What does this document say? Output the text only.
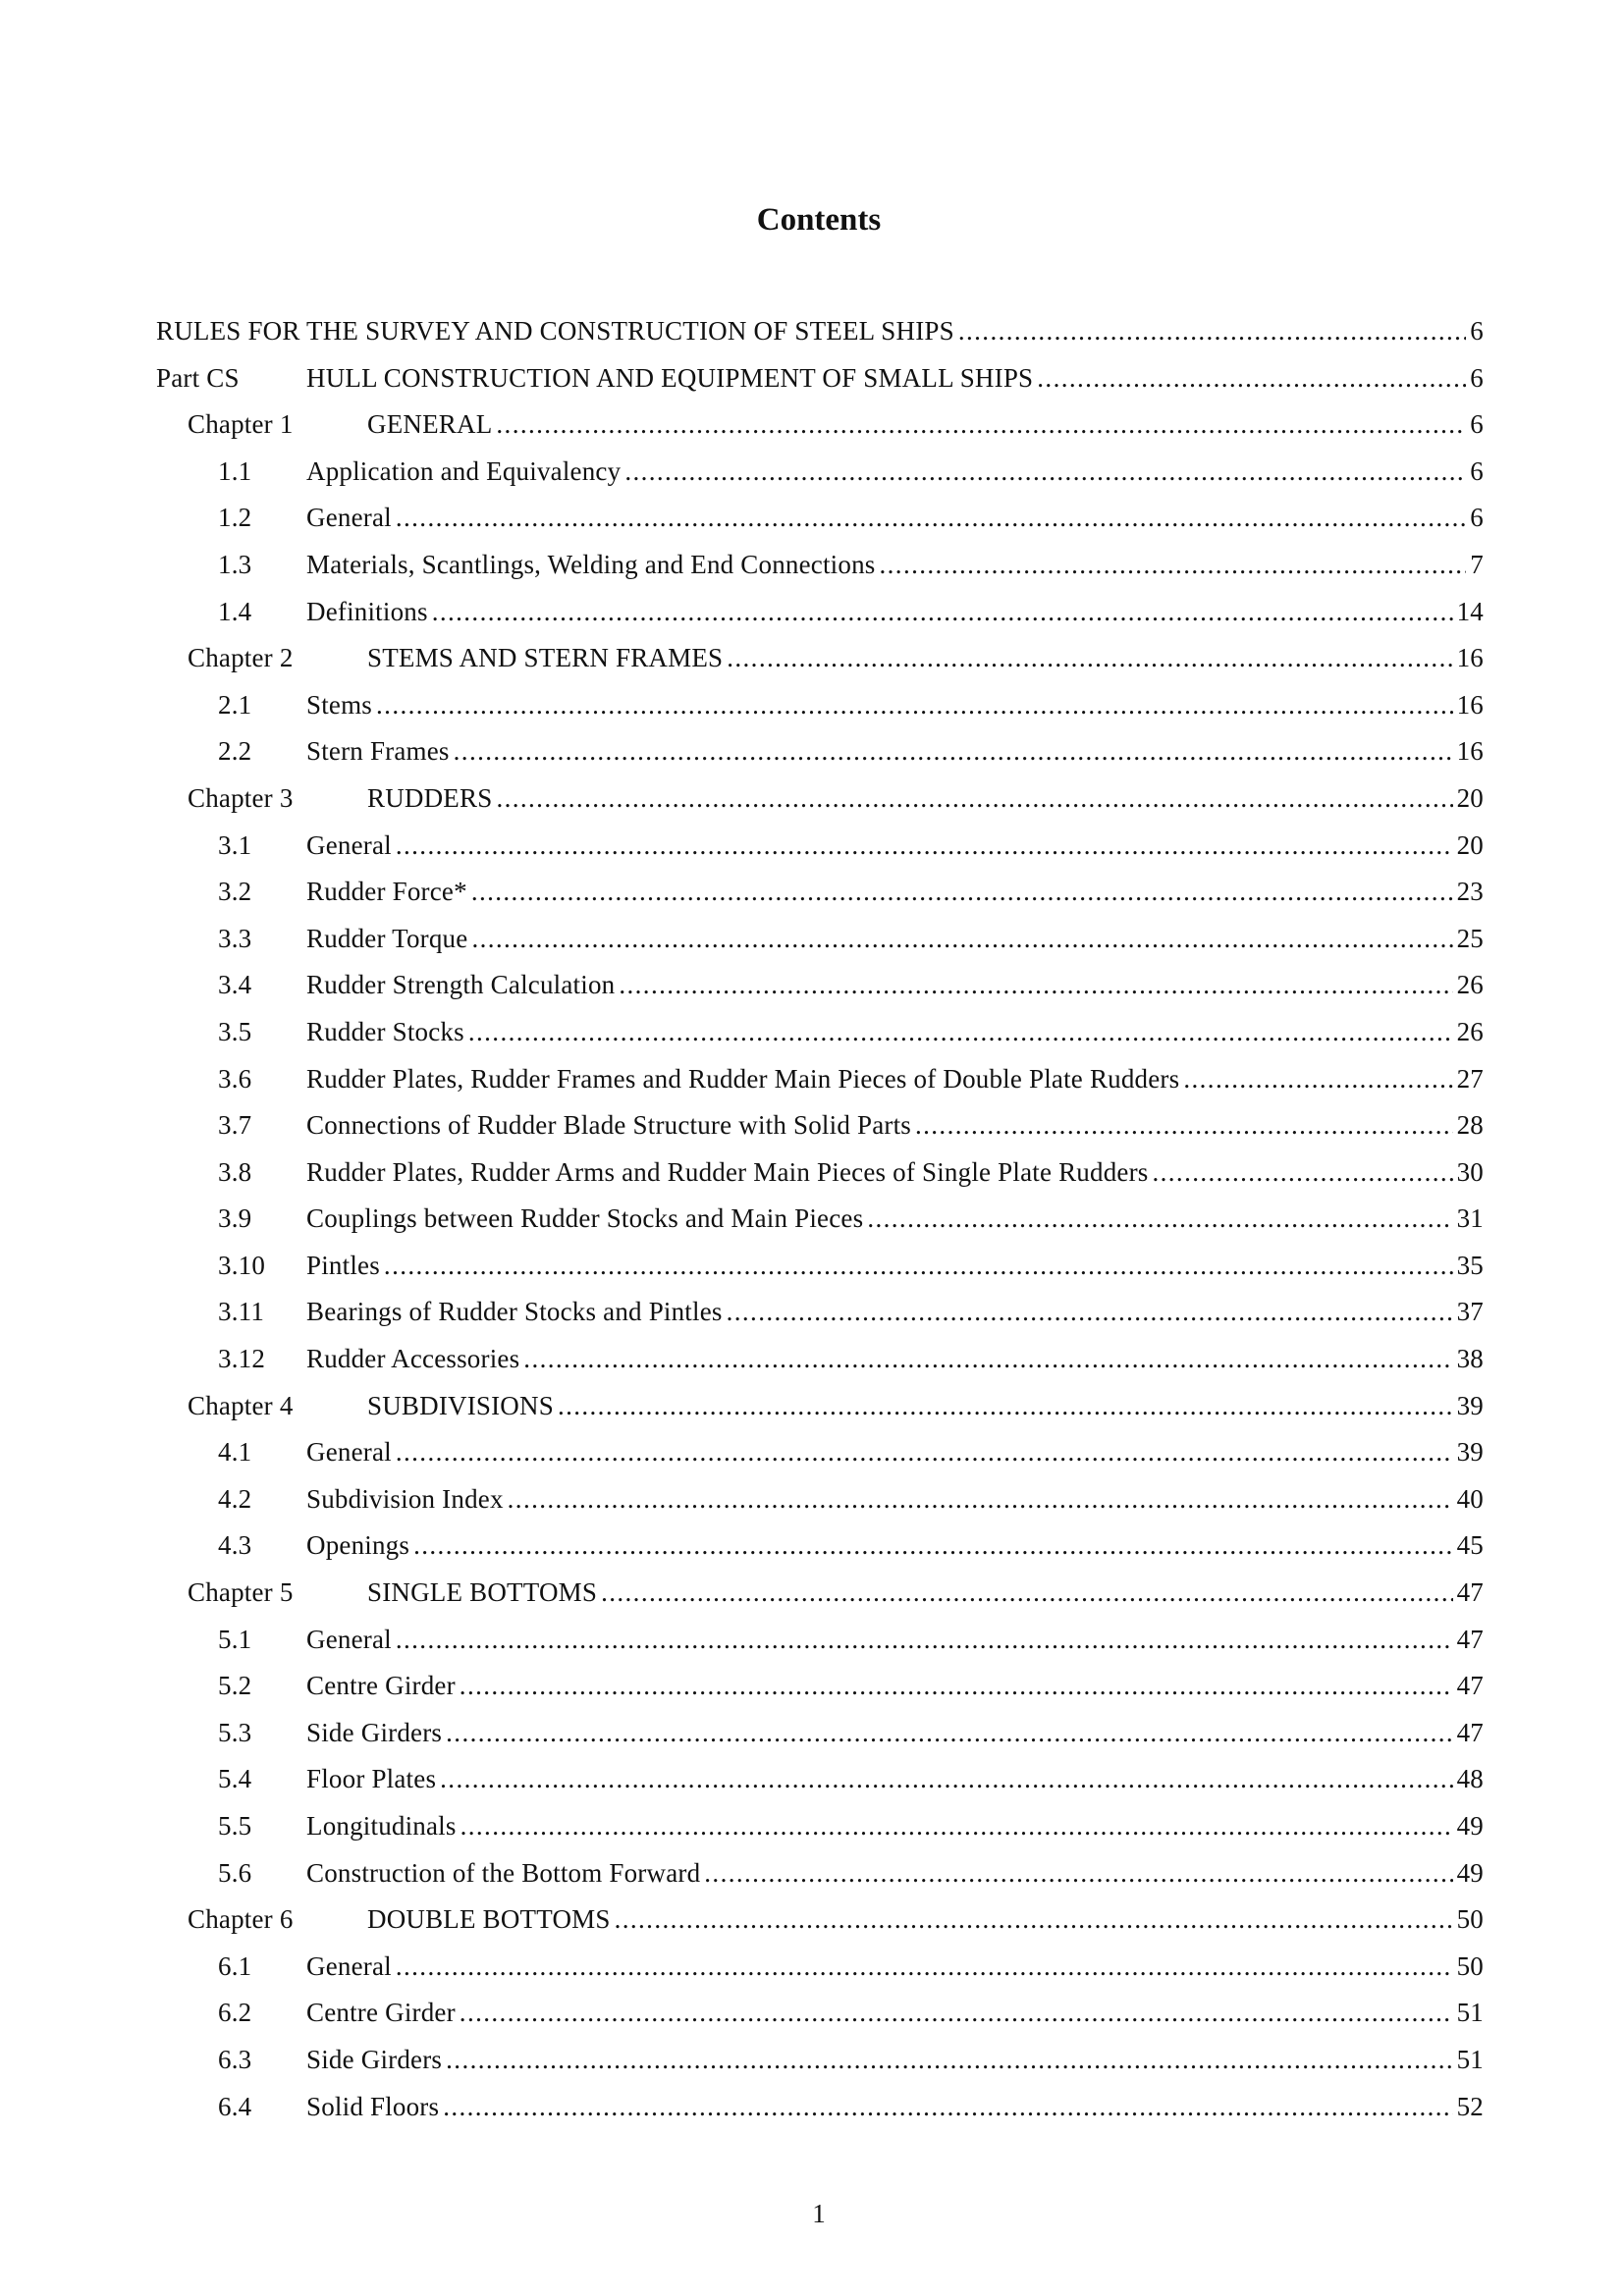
Contents
RULES FOR THE SURVEY AND CONSTRUCTION OF STEEL SHIPS .....	6
Part CS	HULL CONSTRUCTION AND EQUIPMENT OF SMALL SHIPS .....	6
Chapter 1	GENERAL .....	6
1.1	Application and Equivalency .....	6
1.2	General .....	6
1.3	Materials, Scantlings, Welding and End Connections .....	7
1.4	Definitions .....	14
Chapter 2	STEMS AND STERN FRAMES .....	16
2.1	Stems .....	16
2.2	Stern Frames .....	16
Chapter 3	RUDDERS .....	20
3.1	General .....	20
3.2	Rudder Force* .....	23
3.3	Rudder Torque .....	25
3.4	Rudder Strength Calculation .....	26
3.5	Rudder Stocks .....	26
3.6	Rudder Plates, Rudder Frames and Rudder Main Pieces of Double Plate Rudders .....	27
3.7	Connections of Rudder Blade Structure with Solid Parts .....	28
3.8	Rudder Plates, Rudder Arms and Rudder Main Pieces of Single Plate Rudders .....	30
3.9	Couplings between Rudder Stocks and Main Pieces .....	31
3.10	Pintles .....	35
3.11	Bearings of Rudder Stocks and Pintles .....	37
3.12	Rudder Accessories .....	38
Chapter 4	SUBDIVISIONS .....	39
4.1	General .....	39
4.2	Subdivision Index .....	40
4.3	Openings .....	45
Chapter 5	SINGLE BOTTOMS .....	47
5.1	General .....	47
5.2	Centre Girder .....	47
5.3	Side Girders .....	47
5.4	Floor Plates .....	48
5.5	Longitudinals .....	49
5.6	Construction of the Bottom Forward .....	49
Chapter 6	DOUBLE BOTTOMS .....	50
6.1	General .....	50
6.2	Centre Girder .....	51
6.3	Side Girders .....	51
6.4	Solid Floors .....	52
1
